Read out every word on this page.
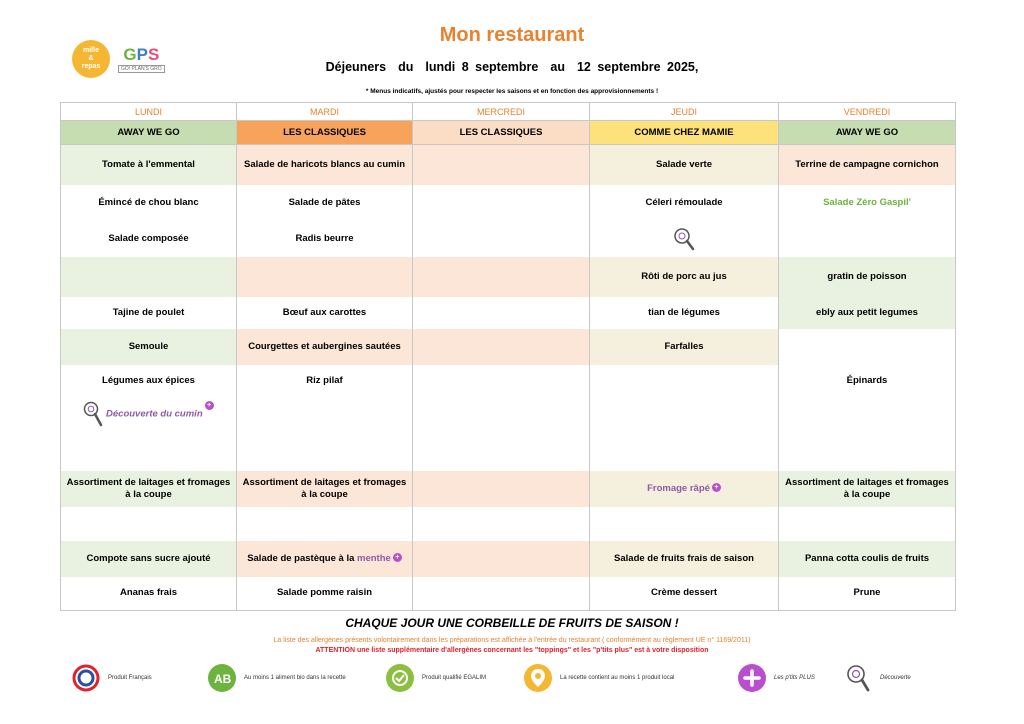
mille
&
repas
GPS
GO! PLAN'S GRO
Mon restaurant
Déjeuners du lundi 8 septembre au 12 septembre 2025,
* Menus indicatifs, ajustés pour respecter les saisons et en fonction des approvisionnements !
LUNDI	MARDI	MERCREDI	JEUDI	VENDREDI
AWAY WE GO	LES CLASSIQUES	LES CLASSIQUES	COMME CHEZ MAMIE	AWAY WE GO
Tomate à l'emmental	Salade de haricots blancs au cumin		Salade verte	Terrine de campagne cornichon
Émincé de chou blanc	Salade de pâtes		Céleri rémoulade	Salade Zéro Gaspil'
Salade composée	Radis beurre			
			Rôti de porc au jus	gratin de poisson
Tajine de poulet	Bœuf aux carottes		tian de légumes	ebly aux petit legumes
Semoule	Courgettes et aubergines sautées		Farfalles	
Légumes aux épices	Riz pilaf			Épinards
Découverte du cumin+				
Assortiment de laitages et fromages à la coupe	Assortiment de laitages et fromages à la coupe		Fromage râpé +	Assortiment de laitages et fromages à la coupe

Compote sans sucre ajouté	Salade de pastèque à la menthe +		Salade de fruits frais de saison	Panna cotta coulis de fruits
Ananas frais	Salade pomme raisin		Crème dessert	Prune
CHAQUE JOUR UNE CORBEILLE DE FRUITS DE SAISON !
La liste des allergènes présents volontairement dans les préparations est affichée à l'entrée du restaurant ( conformément au règlement UE n° 1169/2011)
ATTENTION une liste supplémentaire d'allergènes concernant les "toppings" et les "p'tits plus" est à votre disposition
Produit Français	AB Au moins 1 aliment bio dans la recette	Produit qualifié EGALIM	La recette contient au moins 1 produit local	Les p'tits PLUS	Découverte
